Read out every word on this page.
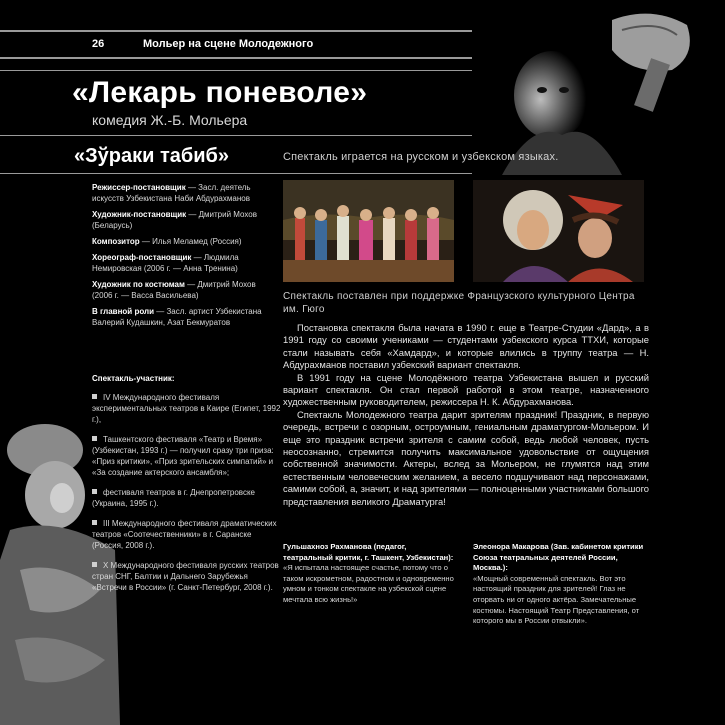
26	Мольер на сцене Молодежного
«Лекарь поневоле»
комедия Ж.-Б. Мольера
«Зўраки табиб»	Спектакль играется на русском и узбекском языках.

Режиссер-постановщик — Засл. деятель искусств Узбекистана Наби Абдурахманов

Художник-постановщик — Дмитрий Мохов (Беларусь)

Композитор — Илья Меламед (Россия)

Хореограф-постановщик — Людмила Немировская (2006 г. — Анна Тренина)

Художник по костюмам — Дмитрий Мохов (2006 г. — Васса Васильева)

В главной роли — Засл. артист Узбекистана Валерий Кудашкин, Азат Бекмуратов

Спектакль-участник:

IV Международного фестиваля экспериментальных театров в Каире (Египет, 1992 г.),

Ташкентского фестиваля «Театр и Время» (Узбекистан, 1993 г.) — получил сразу три приза: «Приз критики», «Приз зрительских симпатий» и «За создание актерского ансамбля»;

фестиваля театров в г. Днепропетровске (Украина, 1995 г.).

III Международного фестиваля драматических театров «Соотечественники» в г. Саранске (Россия, 2008 г.).

X Международного фестиваля русских театров стран СНГ, Балтии и Дальнего Зарубежья «Встречи в России» (г. Санкт-Петербург, 2008 г.).

Спектакль поставлен при поддержке Французского культурного Центра им. Гюго

Постановка спектакля была начата в 1990 г. еще в Театре-Студии «Дард», а в 1991 году со своими учениками — студентами узбекского курса ТТХИ, которые стали называть себя «Хамдард», и которые влились в труппу театра — Н. Абдурахманов поставил узбекский вариант спектакля.

В 1991 году на сцене Молодёжного театра Узбекистана вышел и русский вариант спектакля. Он стал первой работой в этом театре, назначенного художественным руководителем, режиссера Н. К. Абдурахманова.

Спектакль Молодежного театра дарит зрителям праздник! Праздник, в первую очередь, встречи с озорным, остроумным, гениальным драматургом-Мольером. И еще это праздник встречи зрителя с самим собой, ведь любой человек, пусть неосознанно, стремится получить максимальное удовольствие от ощущения собственной значимости. Актеры, вслед за Мольером, не глумятся над этим естественным человеческим желанием, а весело подшучивают над персонажами, самими собой, а, значит, и над зрителями — полноценными участниками большого представления великого Драматурга!

Гульшахноз Рахманова (педагог, театральный критик, г. Ташкент, Узбекистан):
«Я испытала настоящее счастье, потому что о таком искрометном, радостном и одновременно умном и тонком спектакле на узбекской сцене мечтала всю жизнь!»
Элеонора Макарова (Зав. кабинетом критики Союза театральных деятелей России, Москва.):
«Мощный современный спектакль. Вот это настоящий праздник для зрителей! Глаз не оторвать ни от одного актёра. Замечательные костюмы. Настоящий Театр Представления, от которого мы в России отвыкли».
